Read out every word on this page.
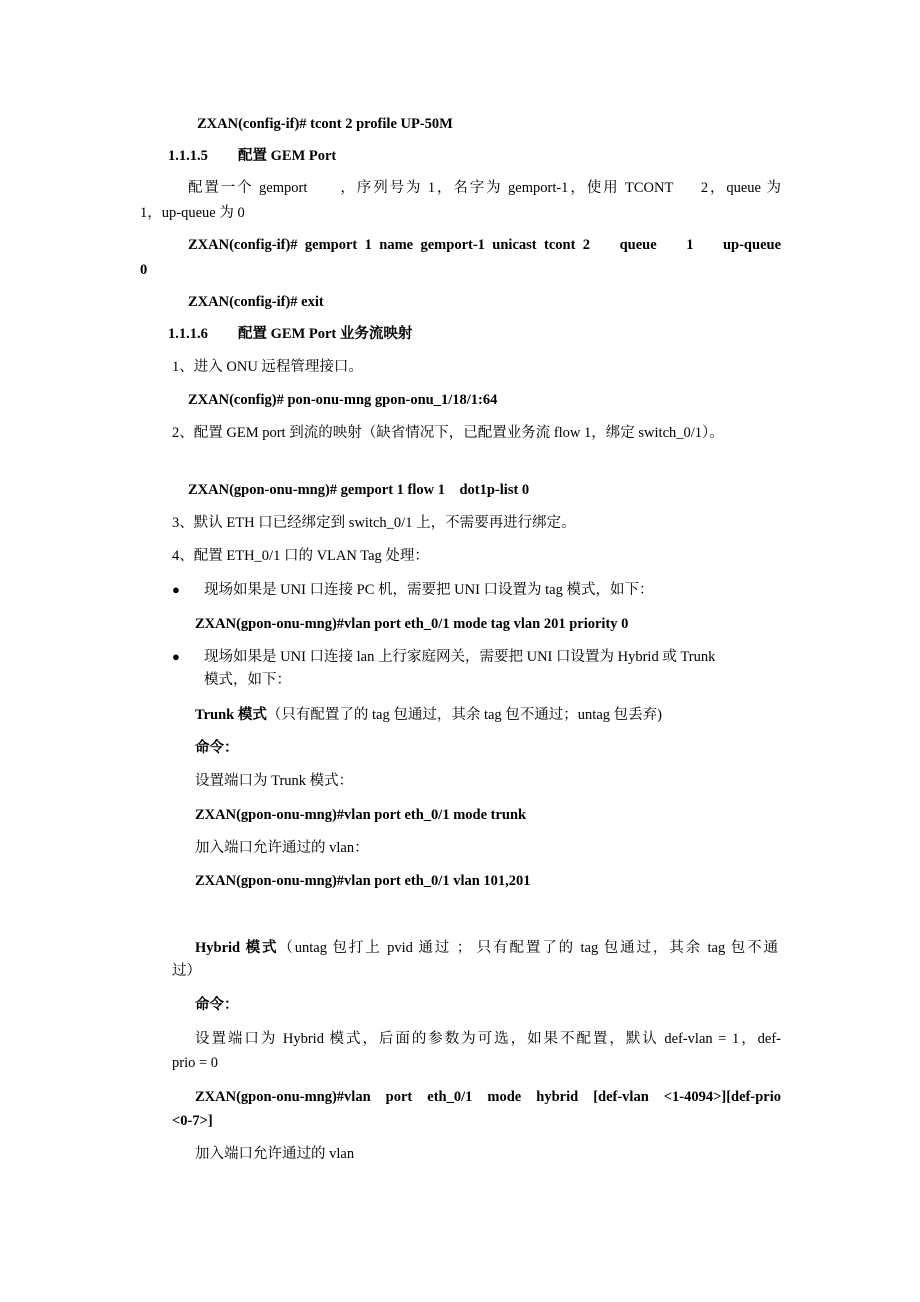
ZXAN(config-if)# tcont 2 profile UP-50M
1.1.1.5 配置 GEM Port
配置一个 gemport      ，序列号为 1，名字为 gemport-1，使用 TCONT     2，queue 为
1，up-queue 为 0
ZXAN(config-if)# gemport 1 name gemport-1 unicast tcont 2    queue    1    up-queue
0
ZXAN(config-if)# exit
1.1.1.6 配置 GEM Port 业务流映射
1、进入 ONU 远程管理接口。
ZXAN(config)# pon-onu-mng gpon-onu_1/18/1:64
2、配置 GEM port 到流的映射（缺省情况下，已配置业务流 flow 1，绑定 switch_0/1）。
ZXAN(gpon-onu-mng)# gemport 1 flow 1    dot1p-list 0
3、默认 ETH 口已经绑定到 switch_0/1 上，不需要再进行绑定。
4、配置 ETH_0/1 口的 VLAN Tag 处理：
● 现场如果是 UNI 口连接 PC 机，需要把 UNI 口设置为 tag 模式，如下：
ZXAN(gpon-onu-mng)#vlan port eth_0/1 mode tag vlan 201 priority 0
● 现场如果是 UNI 口连接 lan 上行家庭网关，需要把 UNI 口设置为 Hybrid 或 Trunk
模式，如下：
Trunk 模式（只有配置了的 tag 包通过，其余 tag 包不通过；untag 包丢弃)
命令：
设置端口为 Trunk 模式：
ZXAN(gpon-onu-mng)#vlan port eth_0/1 mode trunk
加入端口允许通过的 vlan：
ZXAN(gpon-onu-mng)#vlan port eth_0/1 vlan 101,201
Hybrid 模式（untag 包打上 pvid 通过 ； 只有配置了的 tag 包通过，其余 tag 包不通
过）
命令：
设置端口为 Hybrid 模式，后面的参数为可选，如果不配置，默认 def-vlan = 1，def-
prio = 0
ZXAN(gpon-onu-mng)#vlan port eth_0/1 mode hybrid [def-vlan <1-4094>][def-prio
<0-7>]
加入端口允许通过的 vlan
